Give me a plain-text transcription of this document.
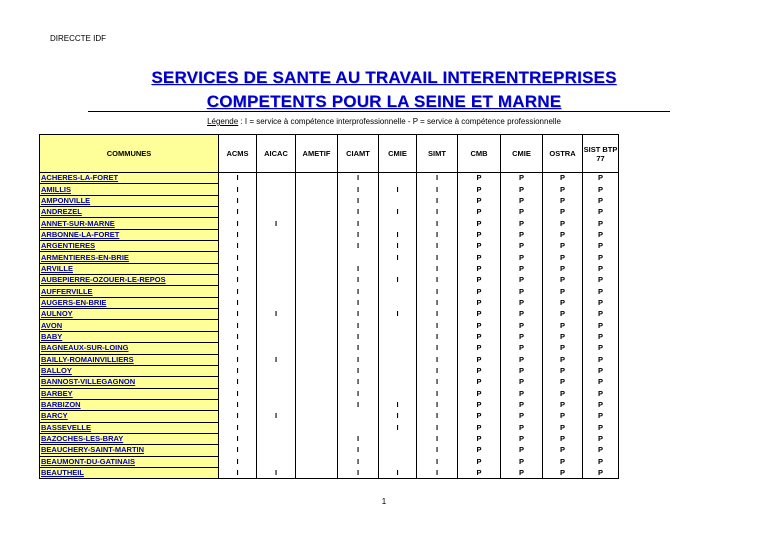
DIRECCTE IDF
SERVICES DE SANTE AU TRAVAIL INTERENTREPRISES
COMPETENTS POUR LA SEINE ET MARNE
Légende : I = service à compétence interprofessionnelle - P = service à compétence professionnelle
COMMUNES	ACMS	AICAC	AMETIF	CIAMT	CMIE	SIMT	CMB	CMIE	OSTRA	SIST BTP 77
ACHERES-LA-FORET	I			I		I	P	P	P	P
AMILLIS	I			I	I	I	P	P	P	P
AMPONVILLE	I			I		I	P	P	P	P
ANDREZEL	I			I	I	I	P	P	P	P
ANNET-SUR-MARNE	I	I		I		I	P	P	P	P
ARBONNE-LA-FORET	I			I	I	I	P	P	P	P
ARGENTIERES	I			I	I	I	P	P	P	P
ARMENTIERES-EN-BRIE	I				I	I	P	P	P	P
ARVILLE	I			I		I	P	P	P	P
AUBEPIERRE-OZOUER-LE-REPOS	I			I	I	I	P	P	P	P
AUFFERVILLE	I			I		I	P	P	P	P
AUGERS-EN-BRIE	I			I		I	P	P	P	P
AULNOY	I	I		I	I	I	P	P	P	P
AVON	I			I		I	P	P	P	P
BABY	I			I		I	P	P	P	P
BAGNEAUX-SUR-LOING	I			I		I	P	P	P	P
BAILLY-ROMAINVILLIERS	I	I		I		I	P	P	P	P
BALLOY	I			I		I	P	P	P	P
BANNOST-VILLEGAGNON	I			I		I	P	P	P	P
BARBEY	I			I		I	P	P	P	P
BARBIZON	I			I	I	I	P	P	P	P
BARCY	I	I			I	I	P	P	P	P
BASSEVELLE	I				I	I	P	P	P	P
BAZOCHES-LES-BRAY	I			I		I	P	P	P	P
BEAUCHERY-SAINT-MARTIN	I			I		I	P	P	P	P
BEAUMONT-DU-GATINAIS	I			I		I	P	P	P	P
BEAUTHEIL	I	I		I	I	I	P	P	P	P
1
